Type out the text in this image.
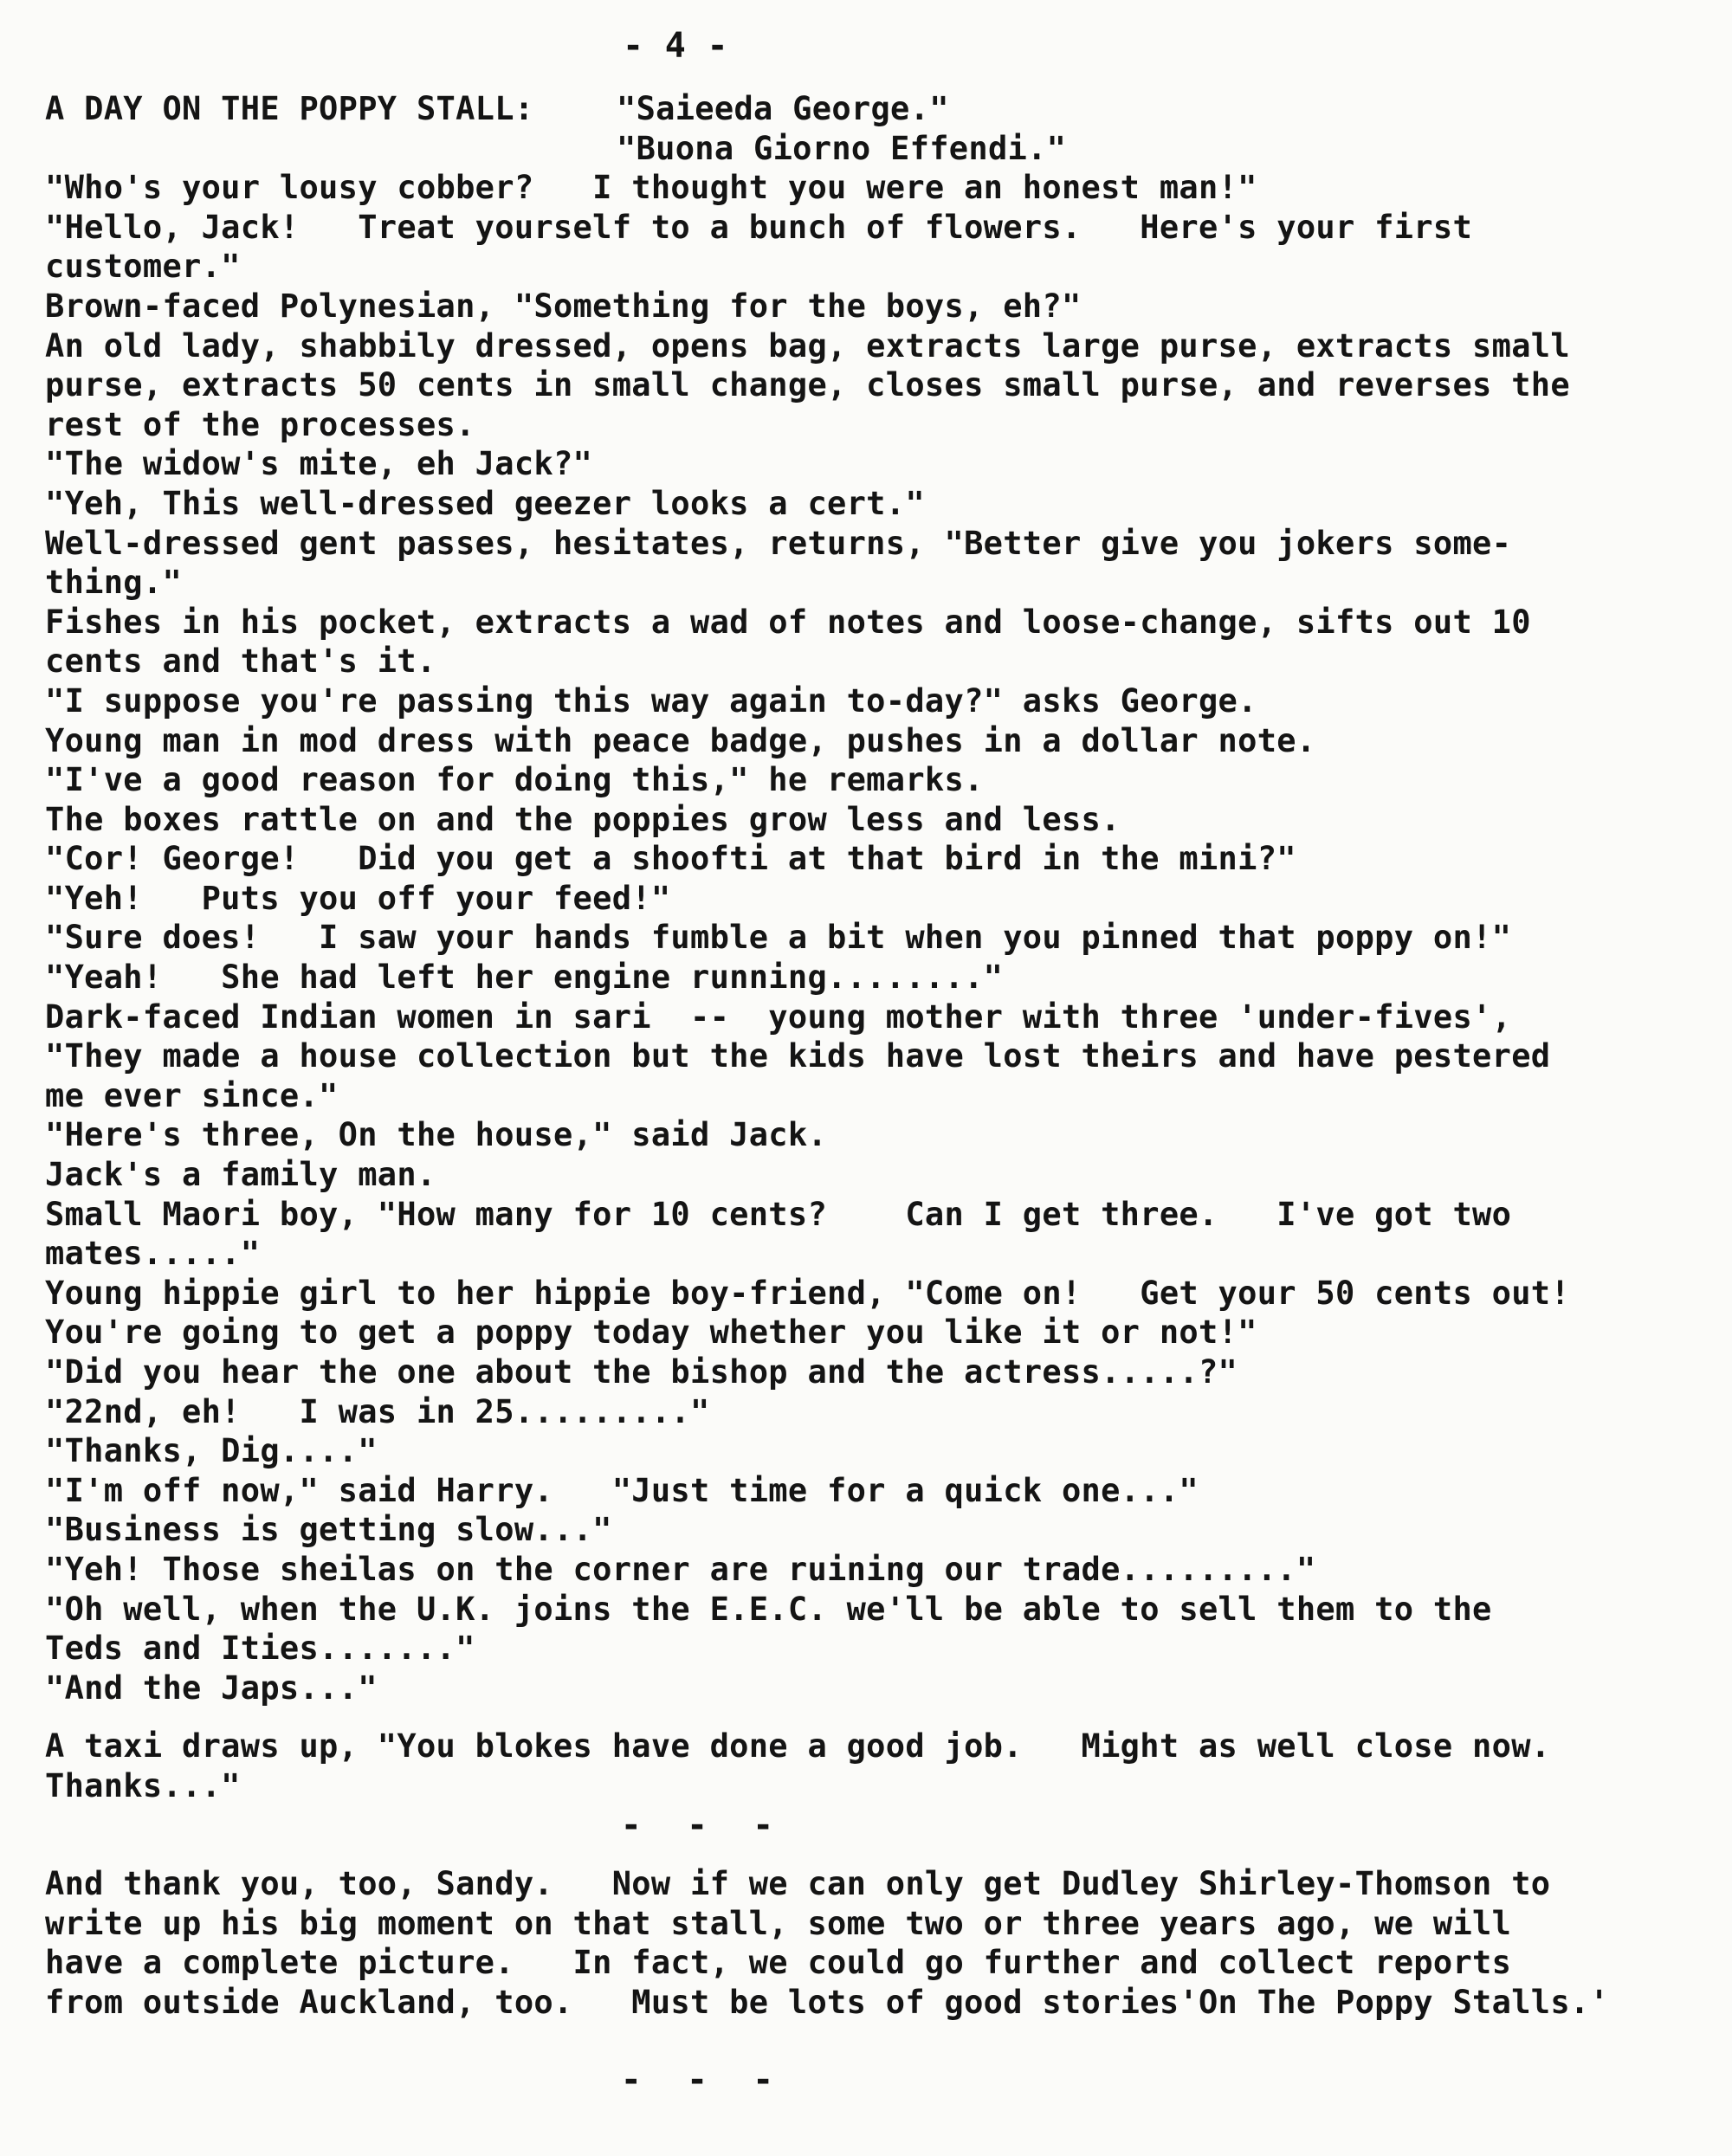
- 4 -
A DAY ON THE POPPY STALL:	"Saieeda George."
"Buona Giorno Effendi."
"Who's your lousy cobber?   I thought you were an honest man!"
"Hello, Jack!   Treat yourself to a bunch of flowers.   Here's your first
customer."
Brown-faced Polynesian, "Something for the boys, eh?"
An old lady, shabbily dressed, opens bag, extracts large purse, extracts small
purse, extracts 50 cents in small change, closes small purse, and reverses the
rest of the processes.
"The widow's mite, eh Jack?"
"Yeh, This well-dressed geezer looks a cert."
Well-dressed gent passes, hesitates, returns, "Better give you jokers some-
thing."
Fishes in his pocket, extracts a wad of notes and loose-change, sifts out 10
cents and that's it.
"I suppose you're passing this way again to-day?" asks George.
Young man in mod dress with peace badge, pushes in a dollar note.
"I've a good reason for doing this," he remarks.
The boxes rattle on and the poppies grow less and less.
"Cor! George!   Did you get a shoofti at that bird in the mini?"
"Yeh!   Puts you off your feed!"
"Sure does!   I saw your hands fumble a bit when you pinned that poppy on!"
"Yeah!   She had left her engine running........"
Dark-faced Indian women in sari  --  young mother with three 'under-fives',
"They made a house collection but the kids have lost theirs and have pestered
me ever since."
"Here's three, On the house," said Jack.
Jack's a family man.
Small Maori boy, "How many for 10 cents?    Can I get three.   I've got two
mates....."
Young hippie girl to her hippie boy-friend, "Come on!   Get your 50 cents out!
You're going to get a poppy today whether you like it or not!"
"Did you hear the one about the bishop and the actress.....?"
"22nd, eh!   I was in 25........."
"Thanks, Dig...."
"I'm off now," said Harry.   "Just time for a quick one..."
"Business is getting slow..."
"Yeh! Those sheilas on the corner are ruining our trade........."
"Oh well, when the U.K. joins the E.E.C. we'll be able to sell them to the
Teds and Ities......."
"And the Japs..."
A taxi draws up, "You blokes have done a good job.   Might as well close now.
Thanks..."
- - -
And thank you, too, Sandy.   Now if we can only get Dudley Shirley-Thomson to
write up his big moment on that stall, some two or three years ago, we will
have a complete picture.   In fact, we could go further and collect reports
from outside Auckland, too.   Must be lots of good stories'On The Poppy Stalls.'
- - -
